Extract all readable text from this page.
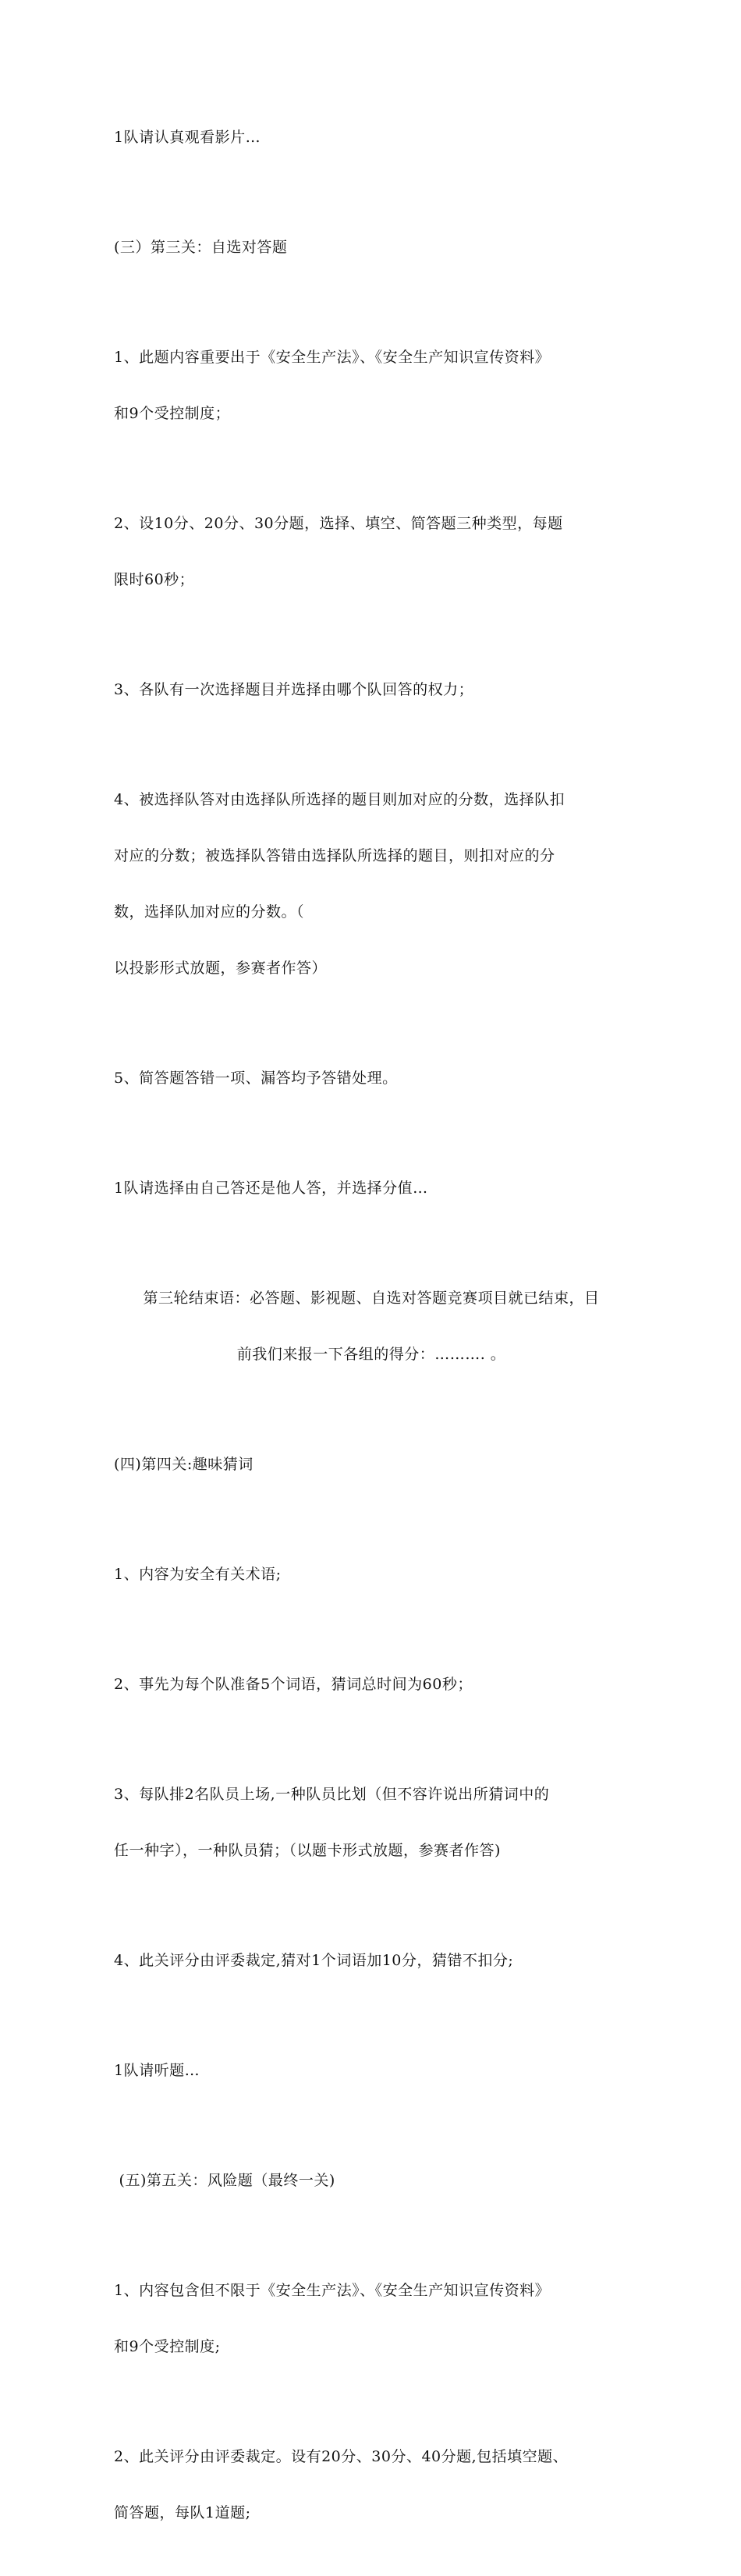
1队请认真观看影片…

(三）第三关：自选对答题

1、此题内容重要出于《安全生产法》、《安全生产知识宣传资料》

和9个受控制度；

2、设10分、20分、30分题，选择、填空、简答题三种类型，每题

限时60秒；

3、各队有一次选择题目并选择由哪个队回答的权力；

4、被选择队答对由选择队所选择的题目则加对应的分数，选择队扣

对应的分数；被选择队答错由选择队所选择的题目，则扣对应的分

数，选择队加对应的分数。（

以投影形式放题，参赛者作答）

5、简答题答错一项、漏答均予答错处理。

1队请选择由自己答还是他人答，并选择分值…

第三轮结束语：必答题、影视题、自选对答题竞赛项目就已结束，目

前我们来报一下各组的得分：………. 。

(四)第四关:趣味猜词

1、内容为安全有关术语;

2、事先为每个队准备5个词语，猜词总时间为60秒；

3、每队排2名队员上场,一种队员比划（但不容许说出所猜词中的

任一种字），一种队员猜；（以题卡形式放题，参赛者作答)

4、此关评分由评委裁定,猜对1个词语加10分，猜错不扣分;

1队请听题…

(五)第五关：风险题（最终一关)

1、内容包含但不限于《安全生产法》、《安全生产知识宣传资料》

和9个受控制度;

2、此关评分由评委裁定。设有20分、30分、40分题,包括填空题、

简答题，每队1道题;
